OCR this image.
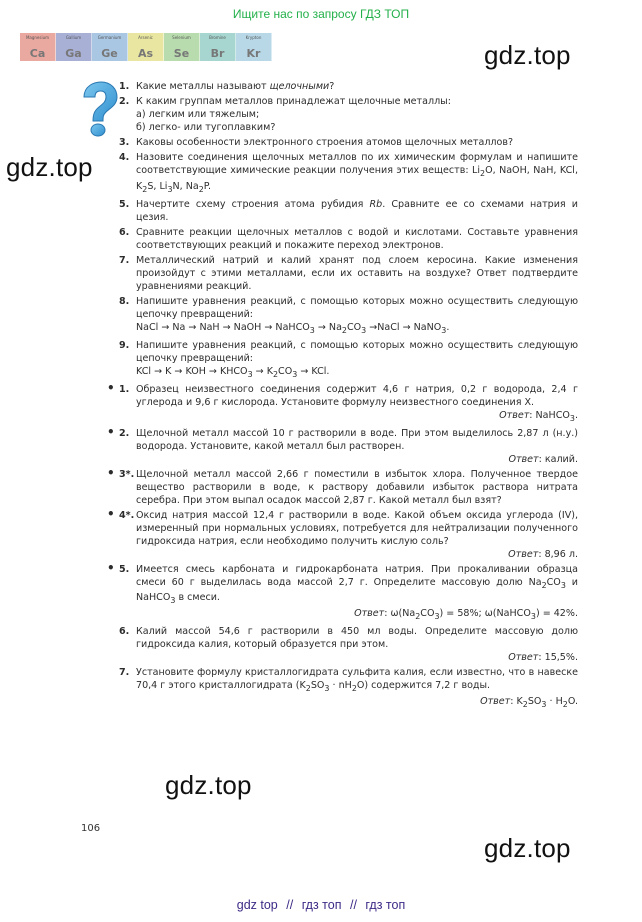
Ищите нас по запросу ГДЗ ТОП
Magnesium
Ca
Gallium
Ga
Germanium
Ge
Arsenic
As
Selenium
Se
Bromine
Br
Krypton
Kr	gdz.top
gdz.top
gdz.top
gdz.top
1. Какие металлы называют щелочными?
2. К каким группам металлов принадлежат щелочные металлы:
а) легким или тяжелым;
б) легко- или тугоплавким?
3. Каковы особенности электронного строения атомов щелочных металлов?
4. Назовите соединения щелочных металлов по их химическим формулам и напишите соответствующие химические реакции получения этих веществ: $Li_2O$, NaOH, NaH, KCl, $K_2S$, $Li_3N$, $Na_2P$.
5. Начертите схему строения атома рубидия Rb. Сравните ее со схемами натрия и цезия.
6. Сравните реакции щелочных металлов с водой и кислотами. Составьте уравнения соответствующих реакций и покажите переход электронов.
7. Металлический натрий и калий хранят под слоем керосина. Какие изменения произойдут с этими металлами, если их оставить на воздухе? Ответ подтвердите уравнениями реакций.
8. Напишите уравнения реакций, с помощью которых можно осуществить следующую цепочку превращений:
NaCl → Na → NaH → NaOH → NaHCO$_3$ → $Na_2CO_3$ →NaCl → NaNO$_3$.
9. Напишите уравнения реакций, с помощью которых можно осуществить следующую цепочку превращений:
KCl → K → KOH → $KHCO_3 \to K_2CO_3$ → KCl.
• 1. Образец неизвестного соединения содержит 4,6 г натрия, 0,2 г водорода, 2,4 г углерода и 9,6 г кислорода. Установите формулу неизвестного соединения X.
Ответ: NaHCO$_3$.
• 2. Щелочной металл массой 10 г растворили в воде. При этом выделилось 2,87 л (н.у.) водорода. Установите, какой металл был растворен.
Ответ: калий.
• 3*. Щелочной металл массой 2,66 г поместили в избыток хлора. Полученное твердое вещество растворили в воде, к раствору добавили избыток раствора нитрата серебра. При этом выпал осадок массой 2,87 г. Какой металл был взят?
• 4*. Оксид натрия массой 12,4 г растворили в воде. Какой объем оксида углерода (IV), измеренный при нормальных условиях, потребуется для нейтрализации полученного гидроксида натрия, если необходимо получить кислую соль?
Ответ: 8,96 л.
• 5. Имеется смесь карбоната и гидрокарбоната натрия. При прокаливании образца смеси 60 г выделилась вода массой 2,7 г. Определите массовую долю $Na_2CO_3$ и NaHCO$_3$ в смеси.
Ответ: $\omega(Na_2CO_3) = 58\%$; ω(NaHCO$_3$) = 42%.
6. Калий массой 54,6 г растворили в 450 мл воды. Определите массовую долю гидроксида калия, который образуется при этом.
Ответ: 15,5%.
7. Установите формулу кристаллогидрата сульфита калия, если известно, что в навеске 70,4 г этого кристаллогидрата $(K_2SO_3 \cdot nH_2O)$ содержится 7,2 г воды.
Ответ: $K_2SO_3 \cdot H_2O$.
106
gdz top // гдз топ // гдз топ
